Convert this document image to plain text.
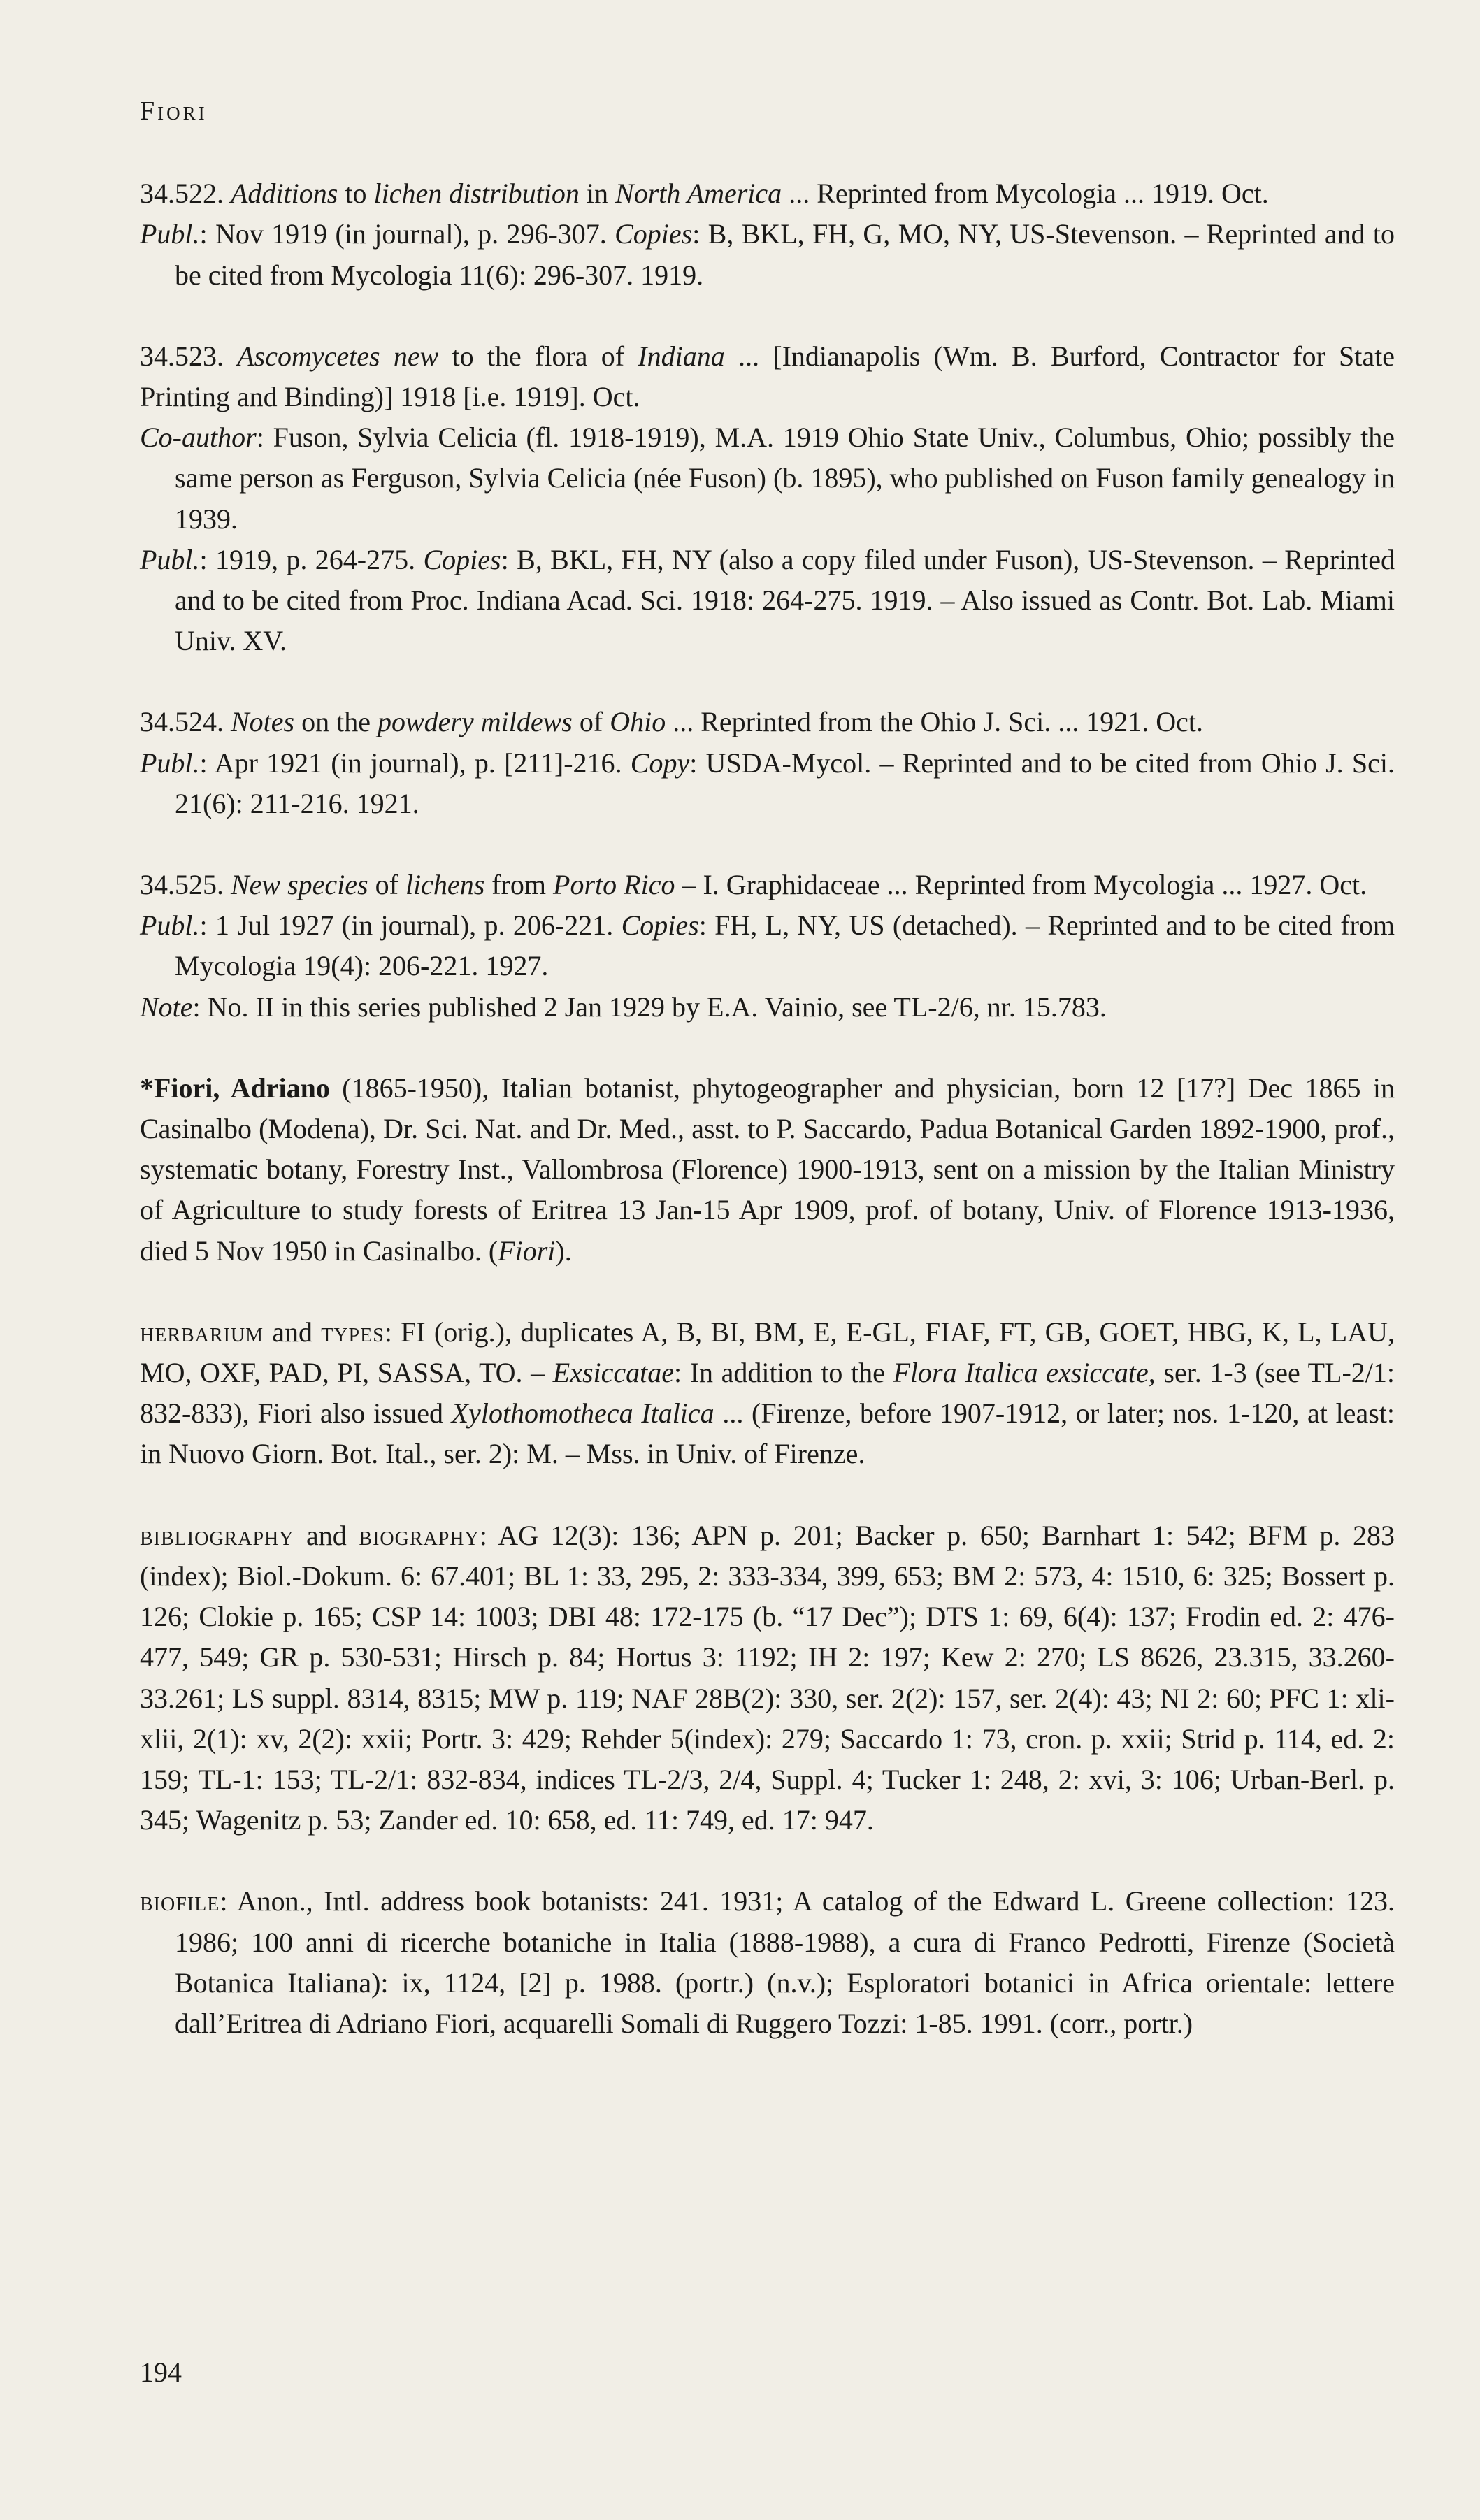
Fiori
34.522. Additions to lichen distribution in North America ... Reprinted from Mycologia ... 1919. Oct.
Publ.: Nov 1919 (in journal), p. 296-307. Copies: B, BKL, FH, G, MO, NY, US-Stevenson. – Reprinted and to be cited from Mycologia 11(6): 296-307. 1919.
34.523. Ascomycetes new to the flora of Indiana ... [Indianapolis (Wm. B. Burford, Contractor for State Printing and Binding)] 1918 [i.e. 1919]. Oct.
Co-author: Fuson, Sylvia Celicia (fl. 1918-1919), M.A. 1919 Ohio State Univ., Columbus, Ohio; possibly the same person as Ferguson, Sylvia Celicia (née Fuson) (b. 1895), who published on Fuson family genealogy in 1939.
Publ.: 1919, p. 264-275. Copies: B, BKL, FH, NY (also a copy filed under Fuson), US-Stevenson. – Reprinted and to be cited from Proc. Indiana Acad. Sci. 1918: 264-275. 1919. – Also issued as Contr. Bot. Lab. Miami Univ. XV.
34.524. Notes on the powdery mildews of Ohio ... Reprinted from the Ohio J. Sci. ... 1921. Oct.
Publ.: Apr 1921 (in journal), p. [211]-216. Copy: USDA-Mycol. – Reprinted and to be cited from Ohio J. Sci. 21(6): 211-216. 1921.
34.525. New species of lichens from Porto Rico – I. Graphidaceae ... Reprinted from Mycologia ... 1927. Oct.
Publ.: 1 Jul 1927 (in journal), p. 206-221. Copies: FH, L, NY, US (detached). – Reprinted and to be cited from Mycologia 19(4): 206-221. 1927.
Note: No. II in this series published 2 Jan 1929 by E.A. Vainio, see TL-2/6, nr. 15.783.
*Fiori, Adriano (1865-1950), Italian botanist, phytogeographer and physician, born 12 [17?] Dec 1865 in Casinalbo (Modena), Dr. Sci. Nat. and Dr. Med., asst. to P. Saccardo, Padua Botanical Garden 1892-1900, prof., systematic botany, Forestry Inst., Vallombrosa (Florence) 1900-1913, sent on a mission by the Italian Ministry of Agriculture to study forests of Eritrea 13 Jan-15 Apr 1909, prof. of botany, Univ. of Florence 1913-1936, died 5 Nov 1950 in Casinalbo. (Fiori).
herbarium and types: FI (orig.), duplicates A, B, BI, BM, E, E-GL, FIAF, FT, GB, GOET, HBG, K, L, LAU, MO, OXF, PAD, PI, SASSA, TO. – Exsiccatae: In addition to the Flora Italica exsiccate, ser. 1-3 (see TL-2/1: 832-833), Fiori also issued Xylothomotheca Italica ... (Firenze, before 1907-1912, or later; nos. 1-120, at least: in Nuovo Giorn. Bot. Ital., ser. 2): M. – Mss. in Univ. of Firenze.
bibliography and biography: AG 12(3): 136; APN p. 201; Backer p. 650; Barnhart 1: 542; BFM p. 283 (index); Biol.-Dokum. 6: 67.401; BL 1: 33, 295, 2: 333-334, 399, 653; BM 2: 573, 4: 1510, 6: 325; Bossert p. 126; Clokie p. 165; CSP 14: 1003; DBI 48: 172-175 (b. “17 Dec”); DTS 1: 69, 6(4): 137; Frodin ed. 2: 476-477, 549; GR p. 530-531; Hirsch p. 84; Hortus 3: 1192; IH 2: 197; Kew 2: 270; LS 8626, 23.315, 33.260-33.261; LS suppl. 8314, 8315; MW p. 119; NAF 28B(2): 330, ser. 2(2): 157, ser. 2(4): 43; NI 2: 60; PFC 1: xli-xlii, 2(1): xv, 2(2): xxii; Portr. 3: 429; Rehder 5(index): 279; Saccardo 1: 73, cron. p. xxii; Strid p. 114, ed. 2: 159; TL-1: 153; TL-2/1: 832-834, indices TL-2/3, 2/4, Suppl. 4; Tucker 1: 248, 2: xvi, 3: 106; Urban-Berl. p. 345; Wagenitz p. 53; Zander ed. 10: 658, ed. 11: 749, ed. 17: 947.
biofile: Anon., Intl. address book botanists: 241. 1931; A catalog of the Edward L. Greene collection: 123. 1986; 100 anni di ricerche botaniche in Italia (1888-1988), a cura di Franco Pedrotti, Firenze (Società Botanica Italiana): ix, 1124, [2] p. 1988. (portr.) (n.v.); Esploratori botanici in Africa orientale: lettere dall’Eritrea di Adriano Fiori, acquarelli Somali di Ruggero Tozzi: 1-85. 1991. (corr., portr.)
194
